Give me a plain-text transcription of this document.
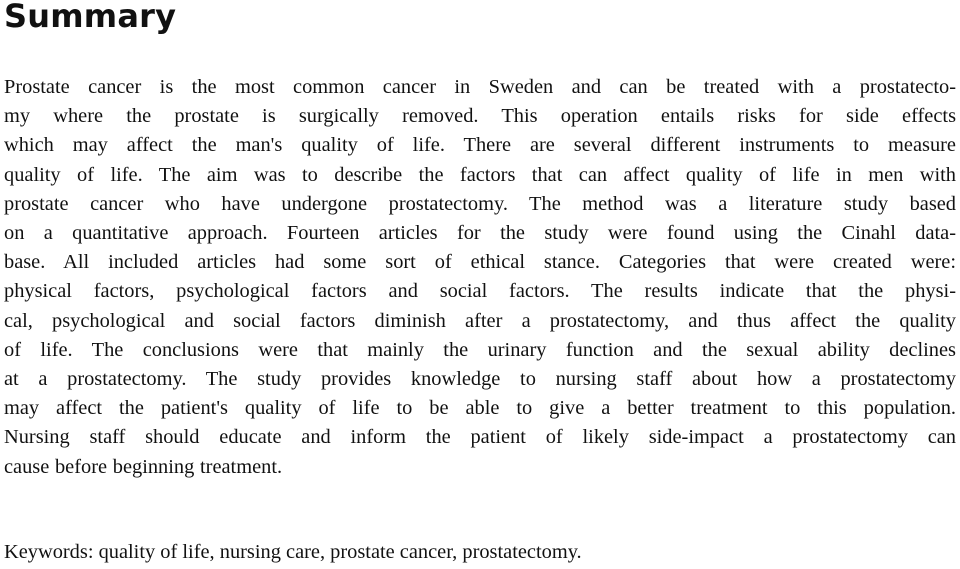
Summary
Prostate cancer is the most common cancer in Sweden and can be treated with a prostatecto-
my where the prostate is surgically removed. This operation entails risks for side effects
which may affect the man's quality of life. There are several different instruments to measure
quality of life. The aim was to describe the factors that can affect quality of life in men with
prostate cancer who have undergone prostatectomy. The method was a literature study based
on a quantitative approach. Fourteen articles for the study were found using the Cinahl data-
base. All included articles had some sort of ethical stance. Categories that were created were:
physical factors, psychological factors and social factors. The results indicate that the physi-
cal, psychological and social factors diminish after a prostatectomy, and thus affect the quality
of life. The conclusions were that mainly the urinary function and the sexual ability declines
at a prostatectomy. The study provides knowledge to nursing staff about how a prostatectomy
may affect the patient's quality of life to be able to give a better treatment to this population.
Nursing staff should educate and inform the patient of likely side-impact a prostatectomy can
cause before beginning treatment.

Keywords: quality of life, nursing care, prostate cancer, prostatectomy.
